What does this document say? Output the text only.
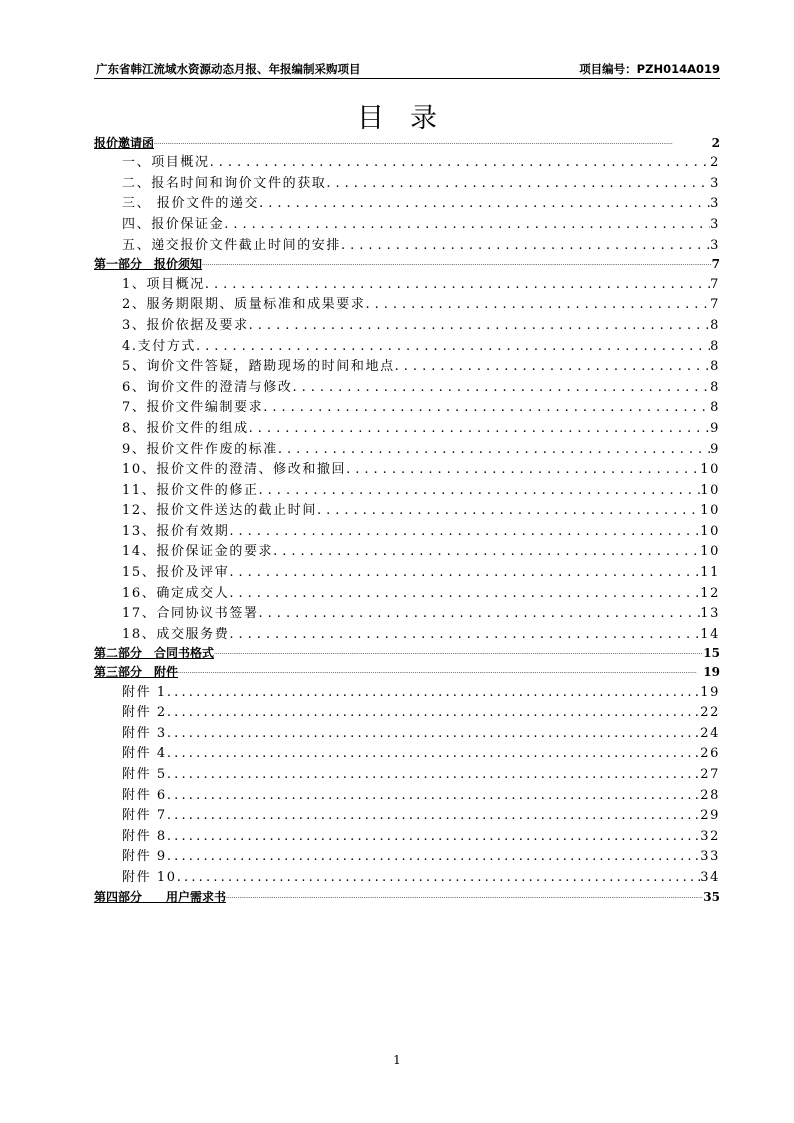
广东省韩江流域水资源动态月报、年报编制采购项目	项目编号：PZH014A019
目录
报价邀请函 .....	2
一、项目概况 .....	2
二、报名时间和询价文件的获取 .....	3
三、 报价文件的递交 .....	3
四、报价保证金 .....	3
五、递交报价文件截止时间的安排 .....	3
第一部分　报价须知 .....	7
1、项目概况 .....	7
2、服务期限期、质量标准和成果要求 .....	7
3、报价依据及要求 .....	8
4.支付方式 .....	8
5、询价文件答疑，踏勘现场的时间和地点 .....	8
6、询价文件的澄清与修改 .....	8
7、报价文件编制要求 .....	8
8、报价文件的组成 .....	9
9、报价文件作废的标准 .....	9
10、报价文件的澄清、修改和撤回 .....	10
11、报价文件的修正 .....	10
12、报价文件送达的截止时间 .....	10
13、报价有效期 .....	10
14、报价保证金的要求 .....	10
15、报价及评审 .....	11
16、确定成交人 .....	12
17、合同协议书签署 .....	13
18、成交服务费 .....	14
第二部分　合同书格式 .....	15
第三部分　附件 .....	19
附件 1 .....	19
附件 2 .....	22
附件 3 .....	24
附件 4 .....	26
附件 5 .....	27
附件 6 .....	28
附件 7 .....	29
附件 8 .....	32
附件 9 .....	33
附件 10 .....	34
第四部分　　用户需求书 .....	35
1
